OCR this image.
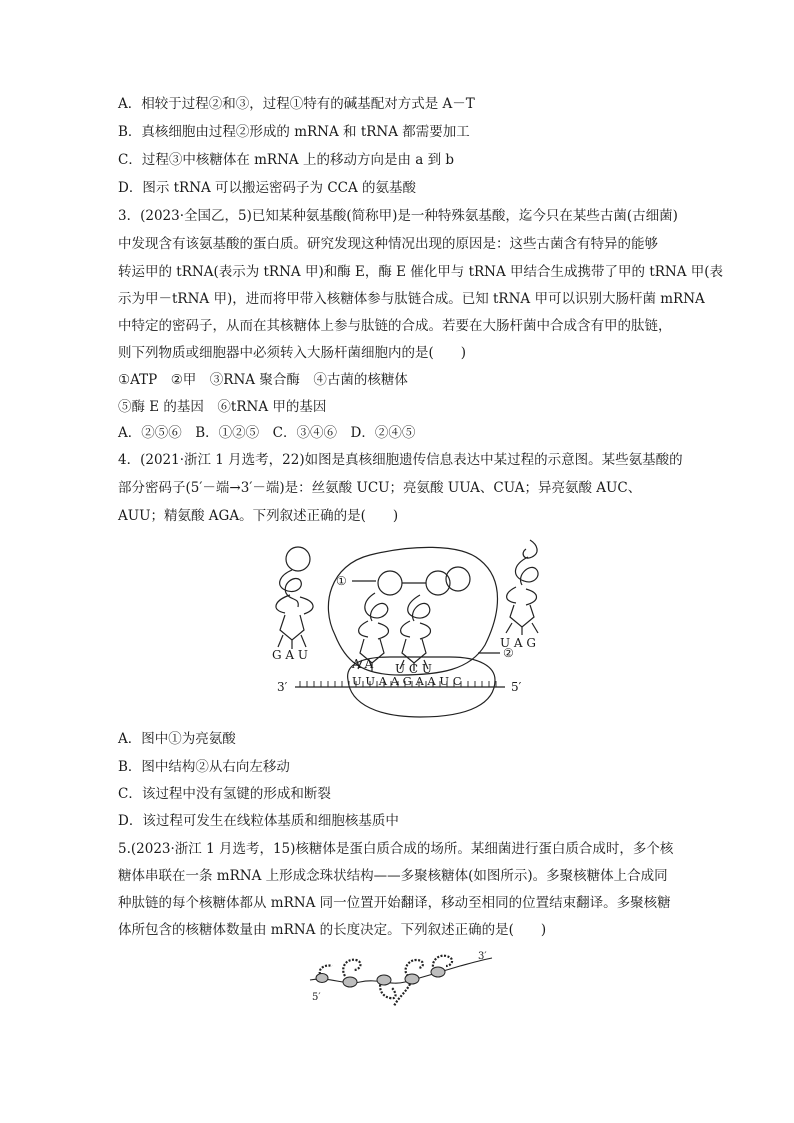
A．相较于过程②和③，过程①特有的碱基配对方式是 A－T
B．真核细胞由过程②形成的 mRNA 和 tRNA 都需要加工
C．过程③中核糖体在 mRNA 上的移动方向是由 a 到 b
D．图示 tRNA 可以搬运密码子为 CCA 的氨基酸
3．(2023·全国乙，5)已知某种氨基酸(简称甲)是一种特殊氨基酸，迄今只在某些古菌(古细菌)
中发现含有该氨基酸的蛋白质。研究发现这种情况出现的原因是：这些古菌含有特异的能够
转运甲的 tRNA(表示为 tRNA 甲)和酶 E，酶 E 催化甲与 tRNA 甲结合生成携带了甲的 tRNA 甲(表
示为甲－tRNA 甲)，进而将甲带入核糖体参与肽链合成。已知 tRNA 甲可以识别大肠杆菌 mRNA
中特定的密码子，从而在其核糖体上参与肽链的合成。若要在大肠杆菌中合成含有甲的肽链，
则下列物质或细胞器中必须转入大肠杆菌细胞内的是(　　)
①ATP　②甲　③RNA 聚合酶　④古菌的核糖体
⑤酶 E 的基因　⑥tRNA 甲的基因
A．②⑤⑥　B．①②⑤　C．③④⑥　D．②④⑤
4．(2021·浙江 1 月选考，22)如图是真核细胞遗传信息表达中某过程的示意图。某些氨基酸的
部分密码子(5′－端→3′－端)是：丝氨酸 UCU；亮氨酸 UUA、CUA；异亮氨酸 AUC、
AUU；精氨酸 AGA。下列叙述正确的是(　　)
①
②
3′	5′
G A U
U A G
A A U C U
U U A A G A A U C
A．图中①为亮氨酸
B．图中结构②从右向左移动
C．该过程中没有氢键的形成和断裂
D．该过程可发生在线粒体基质和细胞核基质中
5.(2023·浙江 1 月选考，15)核糖体是蛋白质合成的场所。某细菌进行蛋白质合成时，多个核
糖体串联在一条 mRNA 上形成念珠状结构——多聚核糖体(如图所示)。多聚核糖体上合成同
种肽链的每个核糖体都从 mRNA 同一位置开始翻译，移动至相同的位置结束翻译。多聚核糖
体所包含的核糖体数量由 mRNA 的长度决定。下列叙述正确的是(　　)
5′
3′
